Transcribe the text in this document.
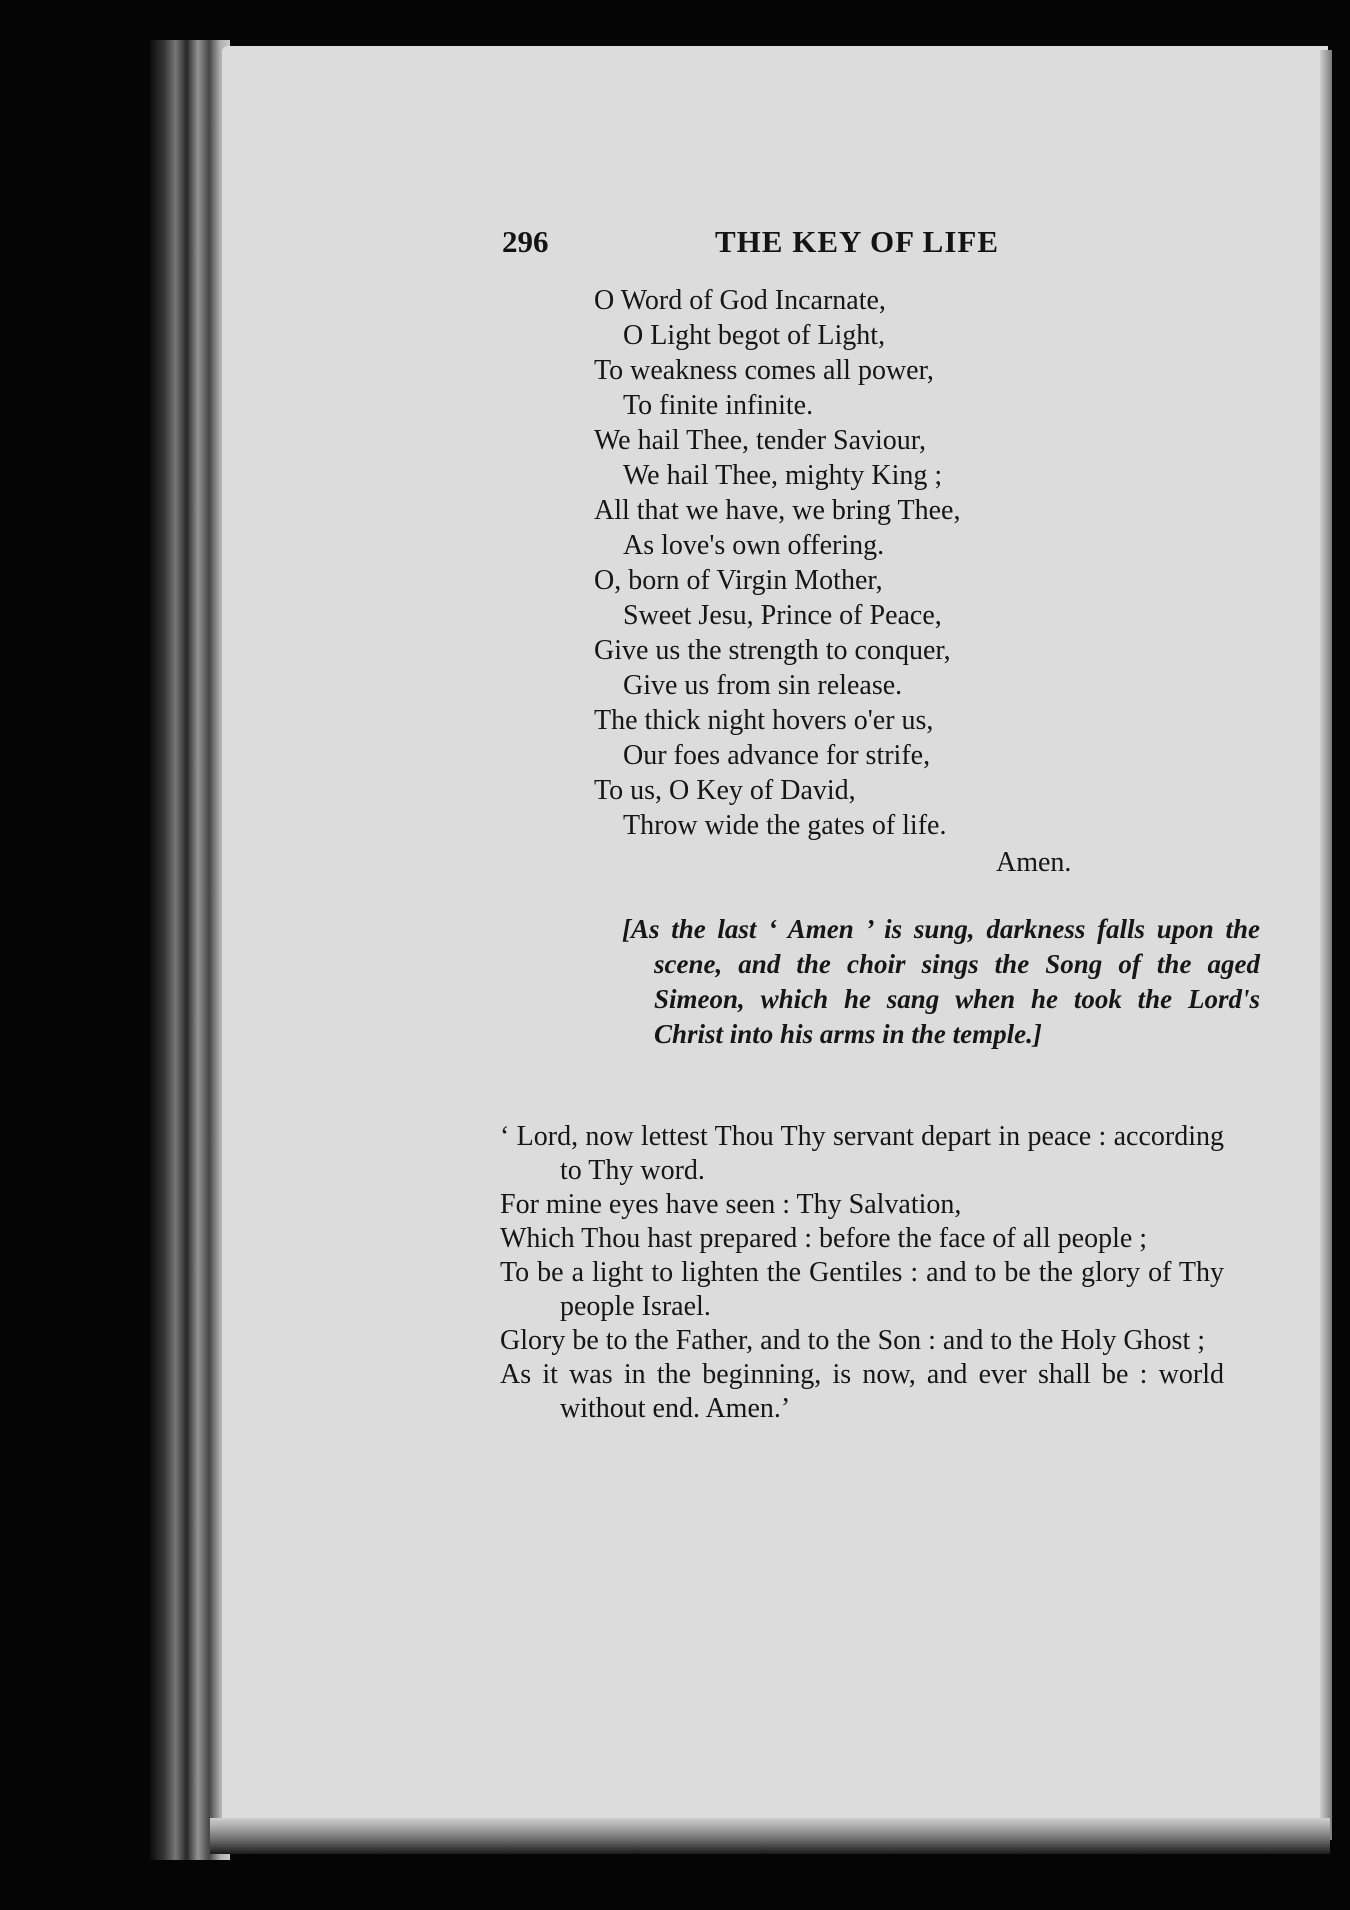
296	THE KEY OF LIFE
O Word of God Incarnate,
O Light begot of Light,
To weakness comes all power,
To finite infinite.
We hail Thee, tender Saviour,
We hail Thee, mighty King ;
All that we have, we bring Thee,
As love's own offering.
O, born of Virgin Mother,
Sweet Jesu, Prince of Peace,
Give us the strength to conquer,
Give us from sin release.
The thick night hovers o'er us,
Our foes advance for strife,
To us, O Key of David,
Throw wide the gates of life.
Amen.
[As the last ‘ Amen ’ is sung, darkness falls upon the scene, and the choir sings the Song of the aged Simeon, which he sang when he took the Lord's Christ into his arms in the temple.]
‘ Lord, now lettest Thou Thy servant depart in peace : according to Thy word.
For mine eyes have seen : Thy Salvation,
Which Thou hast prepared : before the face of all people ;
To be a light to lighten the Gentiles : and to be the glory of Thy people Israel.
Glory be to the Father, and to the Son : and to the Holy Ghost ;
As it was in the beginning, is now, and ever shall be : world without end. Amen.’
